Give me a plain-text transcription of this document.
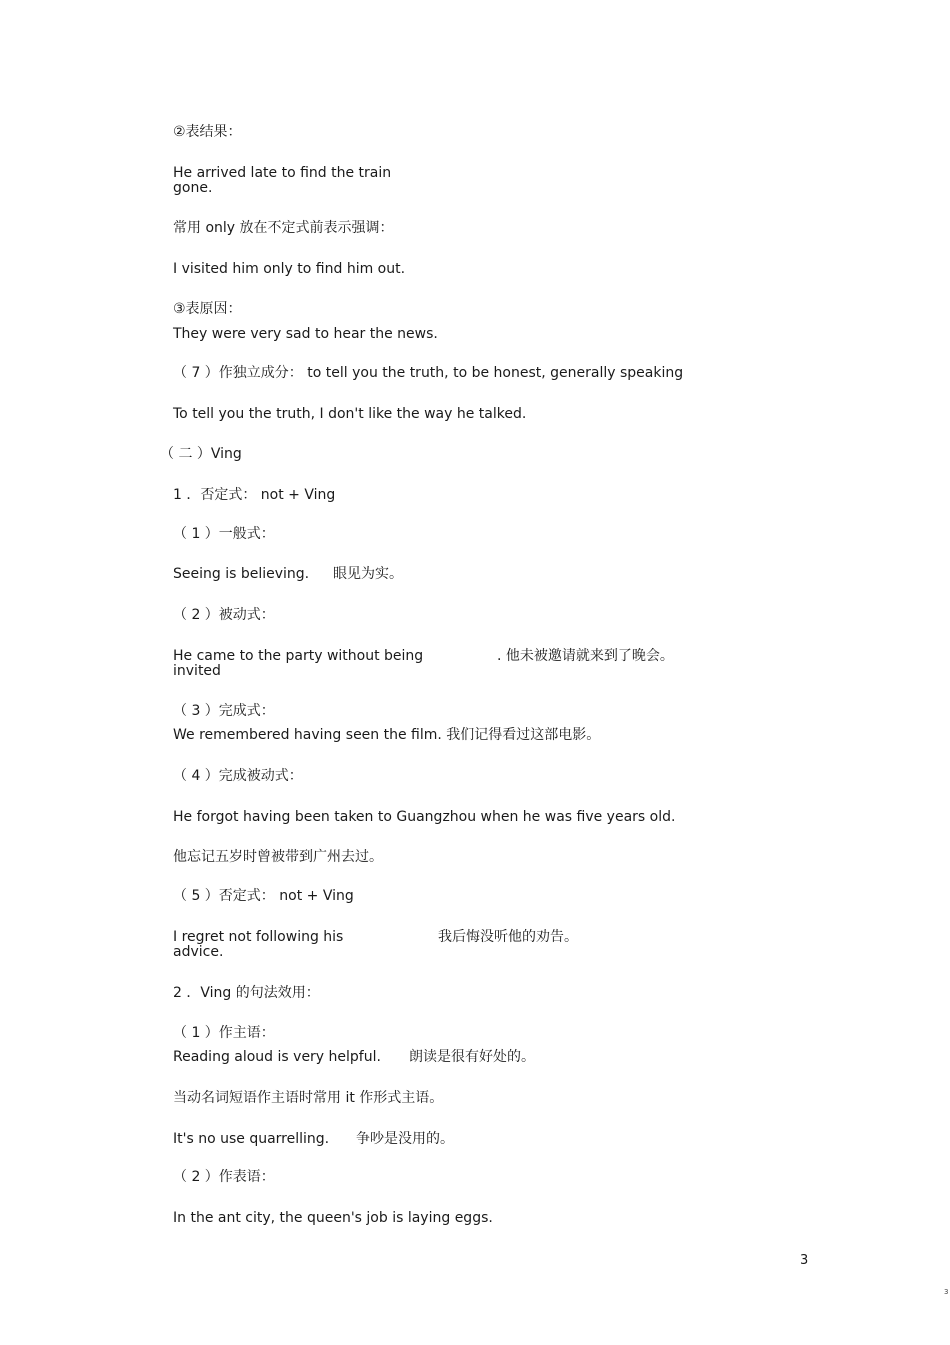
②表结果：
He arrived late to find the train gone.
常用 only 放在不定式前表示强调：
I visited him only to find him out.
③表原因：
They were very sad to hear the news.
（ 7 ）作独立成分： to tell you the truth, to be honest, generally speaking
To tell you the truth, I don't like the way he talked.
（ 二 ）Ving
1 ．否定式： not + Ving
（ 1 ）一般式：
Seeing is believing. 眼见为实。
（ 2 ）被动式：
He came to the party without being invited
. 他未被邀请就来到了晚会。
（ 3 ）完成式：
We remembered having seen the film. 我们记得看过这部电影。
（ 4 ）完成被动式：
He forgot having been taken to Guangzhou when he was five years old.
他忘记五岁时曾被带到广州去过。
（ 5 ）否定式： not + Ving
I regret not following his advice.
我后悔没听他的劝告。
2 ．Ving 的句法效用：
（ 1 ）作主语：
Reading aloud is very helpful. 朗读是很有好处的。
当动名词短语作主语时常用 it 作形式主语。
It's no use quarrelling. 争吵是没用的。
（ 2 ）作表语：
In the ant city, the queen's job is laying eggs.
3
3
